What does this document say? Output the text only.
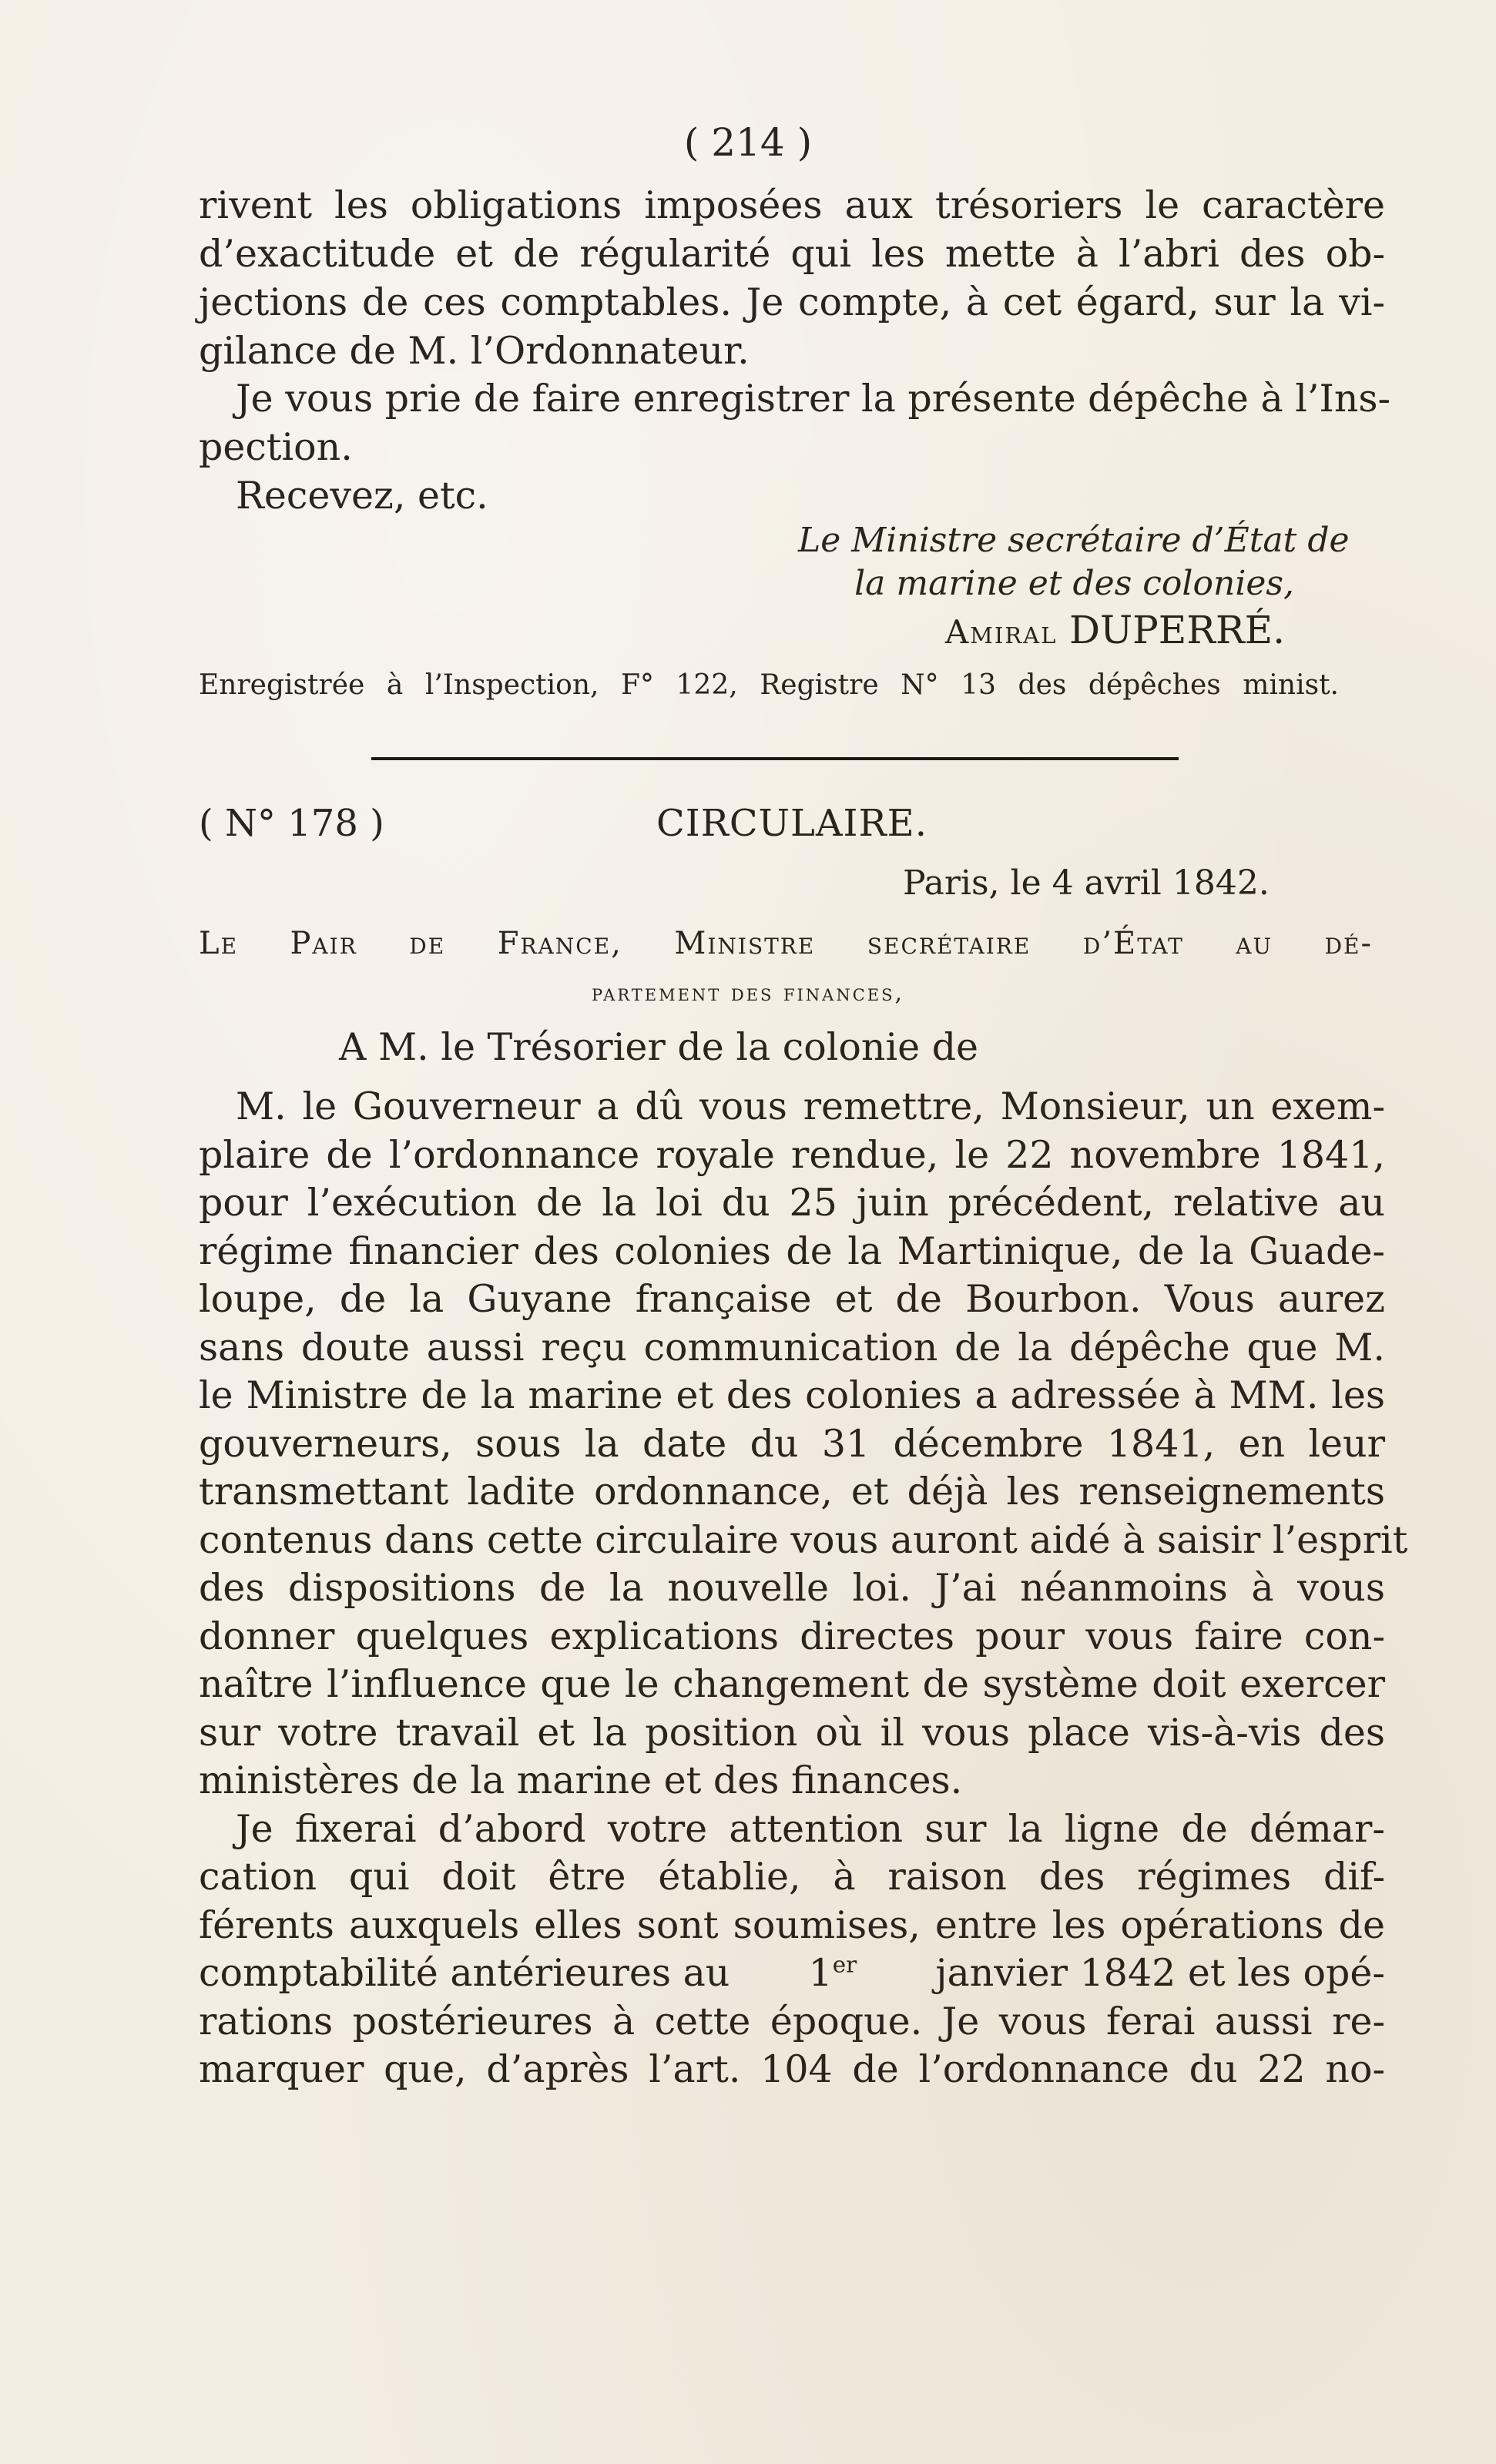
( 214 )
rivent les obligations imposées aux trésoriers le caractère
d’exactitude et de régularité qui les mette à l’abri des ob-
jections de ces comptables. Je compte, à cet égard, sur la vi-
gilance de M. l’Ordonnateur.
Je vous prie de faire enregistrer la présente dépêche à l’Ins-
pection.
Recevez, etc.
Le Ministre secrétaire d’État de
la marine et des colonies,
Amiral DUPERRÉ.
Enregistrée à l’Inspection, F° 122, Registre N° 13 des dépêches minist.
( N° 178 )	CIRCULAIRE.
Paris, le 4 avril 1842.
Le Pair de France, Ministre secrétaire d’État au dé-
partement des finances,
A M. le Trésorier de la colonie de
M. le Gouverneur a dû vous remettre, Monsieur, un exem-
plaire de l’ordonnance royale rendue, le 22 novembre 1841,
pour l’exécution de la loi du 25 juin précédent, relative au
régime financier des colonies de la Martinique, de la Guade-
loupe, de la Guyane française et de Bourbon. Vous aurez
sans doute aussi reçu communication de la dépêche que M.
le Ministre de la marine et des colonies a adressée à MM. les
gouverneurs, sous la date du 31 décembre 1841, en leur
transmettant ladite ordonnance, et déjà les renseignements
contenus dans cette circulaire vous auront aidé à saisir l’esprit
des dispositions de la nouvelle loi. J’ai néanmoins à vous
donner quelques explications directes pour vous faire con-
naître l’influence que le changement de système doit exercer
sur votre travail et la position où il vous place vis-à-vis des
ministères de la marine et des finances.
Je fixerai d’abord votre attention sur la ligne de démar-
cation qui doit être établie, à raison des régimes dif-
férents auxquels elles sont soumises, entre les opérations de
comptabilité antérieures au 1er janvier 1842 et les opé-
rations postérieures à cette époque. Je vous ferai aussi re-
marquer que, d’après l’art. 104 de l’ordonnance du 22 no-
